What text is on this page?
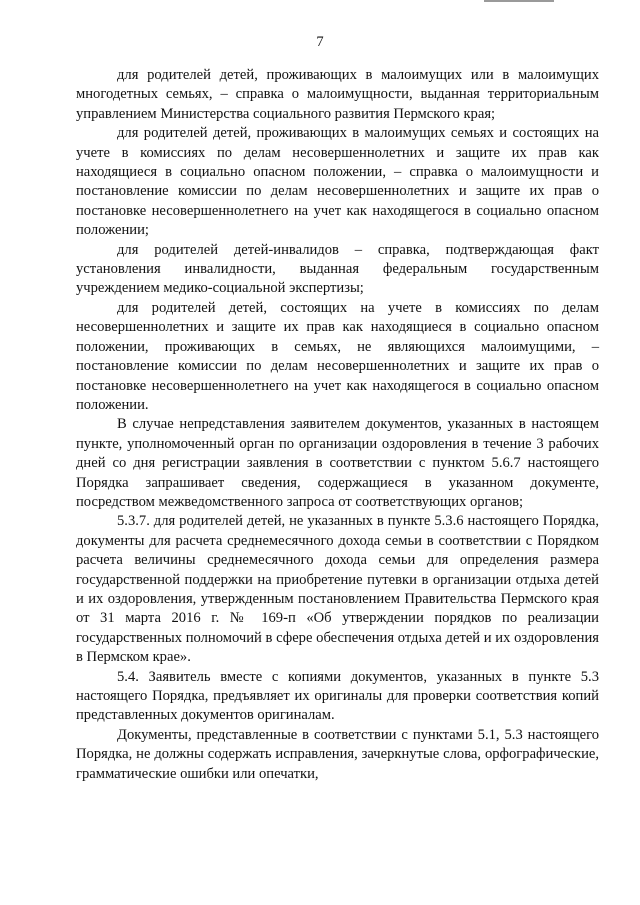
7

для родителей детей, проживающих в малоимущих или в малоимущих многодетных семьях, – справка о малоимущности, выданная территориальным управлением Министерства социального развития Пермского края;

для родителей детей, проживающих в малоимущих семьях и состоящих на учете в комиссиях по делам несовершеннолетних и защите их прав как находящиеся в социально опасном положении, – справка о малоимущности и постановление комиссии по делам несовершеннолетних и защите их прав о постановке несовершеннолетнего на учет как находящегося в социально опасном положении;

для родителей детей-инвалидов – справка, подтверждающая факт установления инвалидности, выданная федеральным государственным учреждением медико-социальной экспертизы;

для родителей детей, состоящих на учете в комиссиях по делам несовершеннолетних и защите их прав как находящиеся в социально опасном положении, проживающих в семьях, не являющихся малоимущими, – постановление комиссии по делам несовершеннолетних и защите их прав о постановке несовершеннолетнего на учет как находящегося в социально опасном положении.

В случае непредставления заявителем документов, указанных в настоящем пункте, уполномоченный орган по организации оздоровления в течение 3 рабочих дней со дня регистрации заявления в соответствии с пунктом 5.6.7 настоящего Порядка запрашивает сведения, содержащиеся в указанном документе, посредством межведомственного запроса от соответствующих органов;

5.3.7. для родителей детей, не указанных в пункте 5.3.6 настоящего Порядка, документы для расчета среднемесячного дохода семьи в соответствии с Порядком расчета величины среднемесячного дохода семьи для определения размера государственной поддержки на приобретение путевки в организации отдыха детей и их оздоровления, утвержденным постановлением Правительства Пермского края от 31 марта 2016 г. № 169-п «Об утверждении порядков по реализации государственных полномочий в сфере обеспечения отдыха детей и их оздоровления в Пермском крае».

5.4. Заявитель вместе с копиями документов, указанных в пункте 5.3 настоящего Порядка, предъявляет их оригиналы для проверки соответствия копий представленных документов оригиналам.

Документы, представленные в соответствии с пунктами 5.1, 5.3 настоящего Порядка, не должны содержать исправления, зачеркнутые слова, орфографические, грамматические ошибки или опечатки,
